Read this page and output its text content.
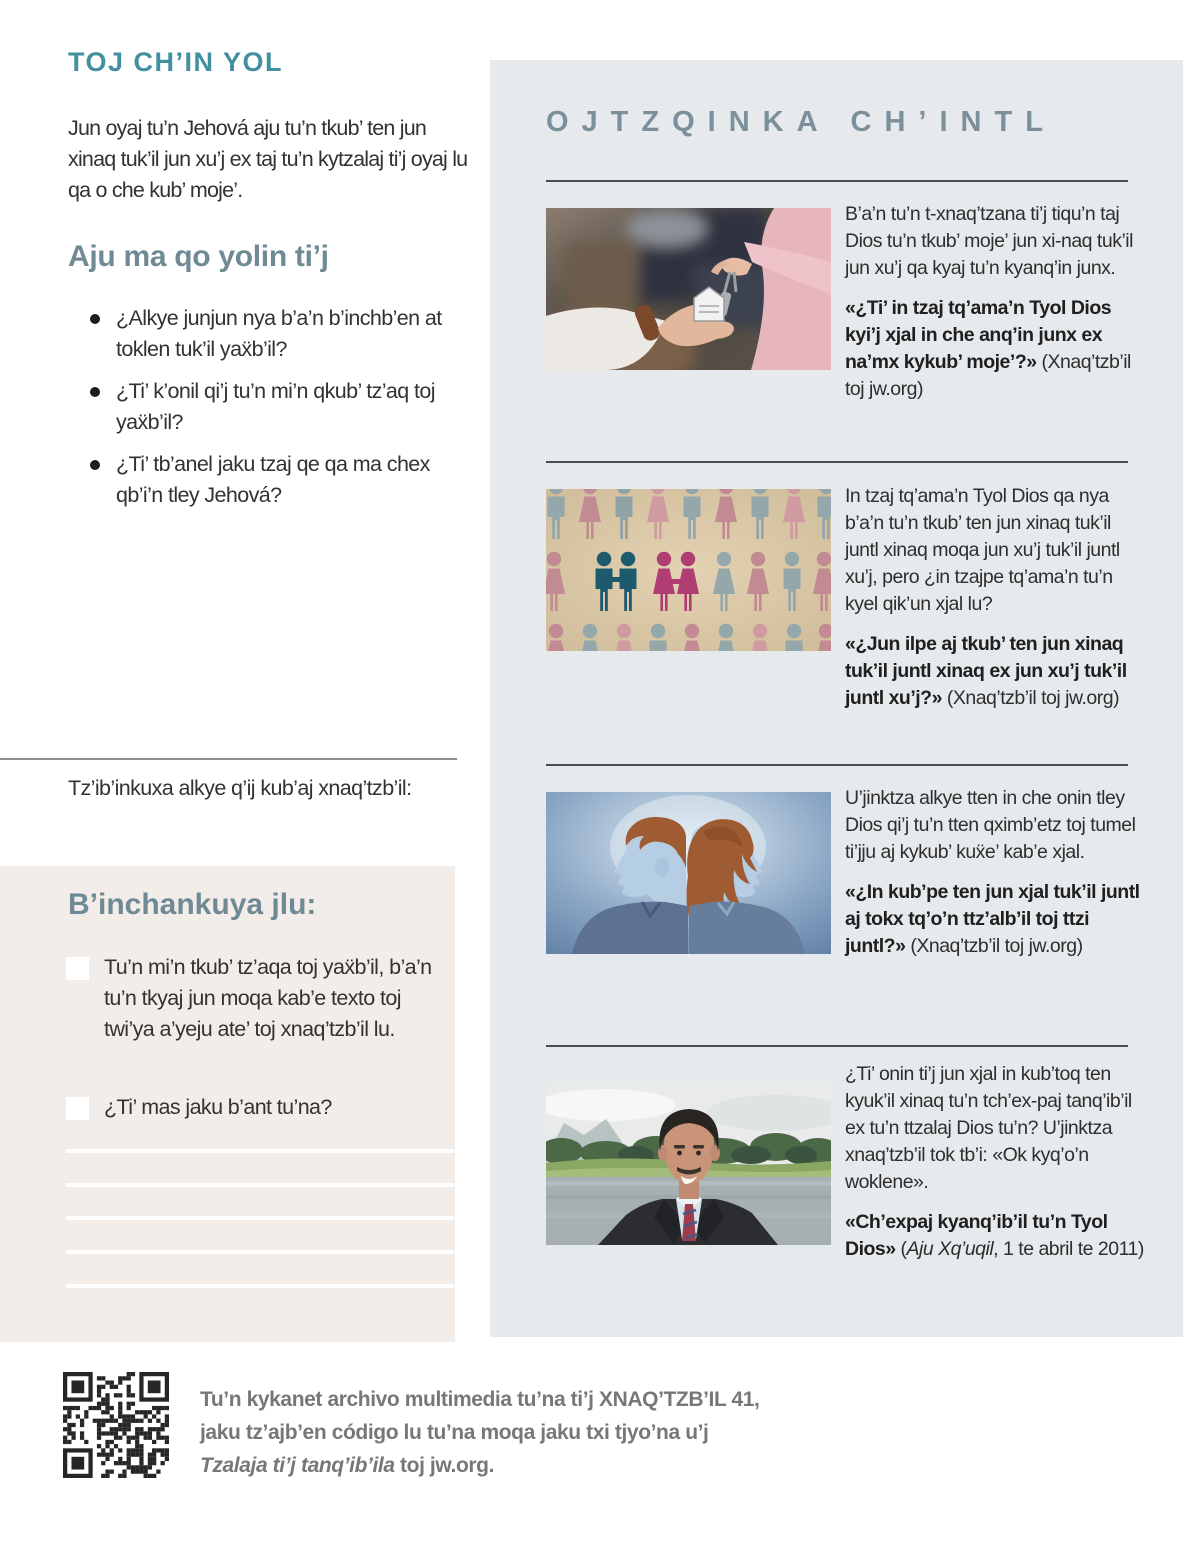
TOJ CH’IN YOL

Jun oyaj tu’n Jehová aju tu’n tkub’ ten jun xinaq tuk’il jun xu’j ex taj tu’n kytzalaj ti’j oyaj lu qa o che kub’ moje’.

Aju ma qo yolin ti’j
¿Alkye junjun nya b’a’n b’inchb’en at toklen tuk’il yaẍb’il?
¿Ti’ k’onil qi’j tu’n mi’n qkub’ tz’aq toj yaẍb’il?
¿Ti’ tb’anel jaku tzaj qe qa ma chex qb’i’n tley Jehová?

Tz’ib’inkuxa alkye q’ij kub’aj xnaq’tzb’il:

B’inchankuya jlu:

Tu’n mi’n tkub’ tz’aqa toj yaẍb’il, b’a’n tu’n tkyaj jun moqa kab’e texto toj twi’ya a’yeju ate’ toj xnaq’tzb’il lu.

¿Ti’ mas jaku b’ant tu’na?

OJTZQINKA CH’INTL

B’a’n tu’n t-xnaq’tzana ti’j tiqu’n taj Dios tu’n tkub’ moje’ jun xi-naq tuk’il jun xu’j qa kyaj tu’n kyanq’in junx.

«¿Ti’ in tzaj tq’ama’n Tyol Dios kyi’j xjal in che anq’in junx ex na’mx kykub’ moje’?» (Xnaq’tzb’il toj jw.org)

In tzaj tq’ama’n Tyol Dios qa nya b’a’n tu’n tkub’ ten jun xinaq tuk’il juntl xinaq moqa jun xu’j tuk’il juntl xu’j, pero ¿in tzajpe tq’ama’n tu’n kyel qik’un xjal lu?

«¿Jun ilpe aj tkub’ ten jun xinaq tuk’il juntl xinaq ex jun xu’j tuk’il juntl xu’j?» (Xnaq’tzb’il toj jw.org)

U’jinktza alkye tten in che onin tley Dios qi’j tu’n tten qximb’etz toj tumel ti’jju aj kykub’ kuẍe’ kab’e xjal.

«¿In kub’pe ten jun xjal tuk’il juntl aj tokx tq’o’n ttz’alb’il toj ttzi juntl?» (Xnaq’tzb’il toj jw.org)

¿Ti’ onin ti’j jun xjal in kub’toq ten kyuk’il xinaq tu’n tch’ex-paj tanq’ib’il ex tu’n ttzalaj Dios tu’n? U’jinktza xnaq’tzb’il tok tb’i: «Ok kyq’o’n woklene».

«Ch’expaj kyanq’ib’il tu’n Tyol Dios» (Aju Xq’uqil, 1 te abril te 2011)

Tu’n kykanet archivo multimedia tu’na ti’j XNAQ’TZB’IL 41,
jaku tz’ajb’en código lu tu’na moqa jaku txi tjyo’na u’j
Tzalaja ti’j tanq’ib’ila toj jw.org.
